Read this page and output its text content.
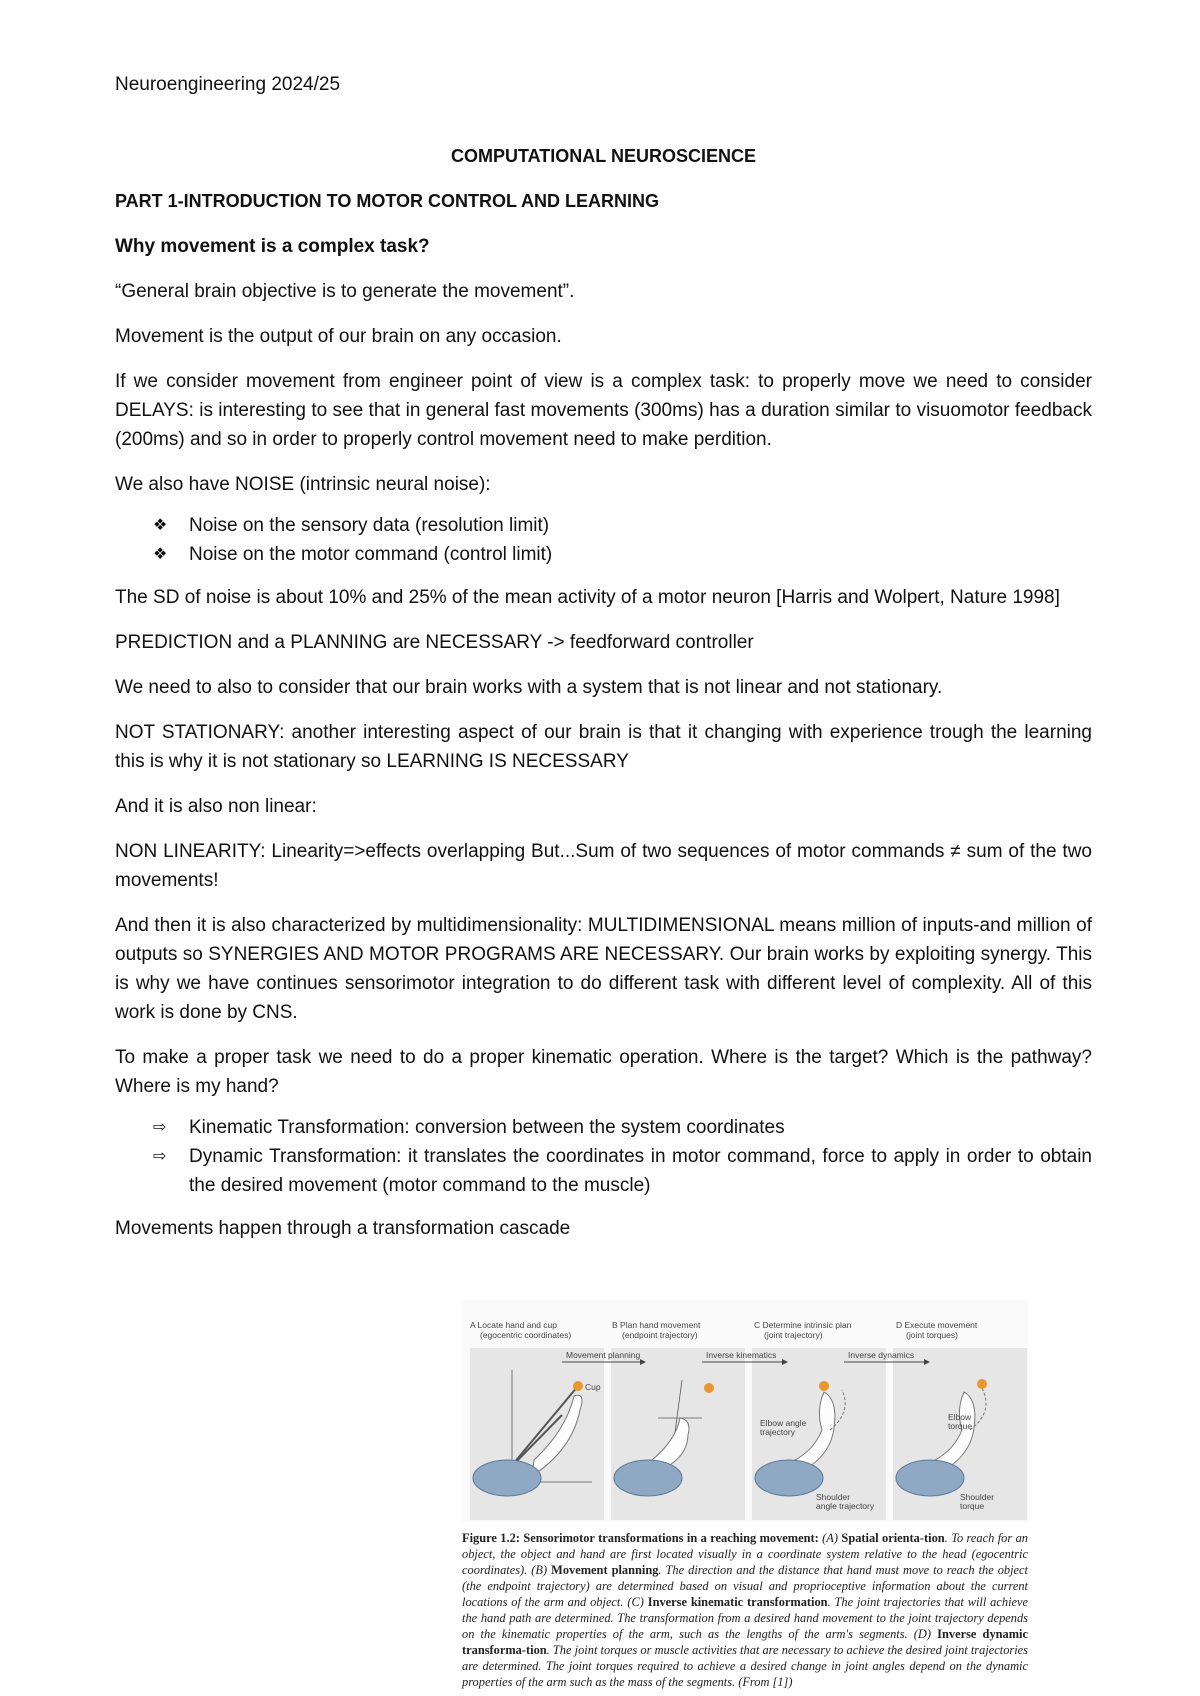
Neuroengineering 2024/25
COMPUTATIONAL NEUROSCIENCE
PART 1-INTRODUCTION TO MOTOR CONTROL AND LEARNING
Why movement is a complex task?

“General brain objective is to generate the movement”.

Movement is the output of our brain on any occasion.

If we consider movement from engineer point of view is a complex task: to properly move we need to consider DELAYS: is interesting to see that in general fast movements (300ms) has a duration similar to visuomotor feedback (200ms) and so in order to properly control movement need to make perdition.

We also have NOISE (intrinsic neural noise):

❖ Noise on the sensory data (resolution limit)
❖ Noise on the motor command (control limit)

The SD of noise is about 10% and 25% of the mean activity of a motor neuron [Harris and Wolpert, Nature 1998]

PREDICTION and a PLANNING are NECESSARY -> feedforward controller

We need to also to consider that our brain works with a system that is not linear and not stationary.

NOT STATIONARY: another interesting aspect of our brain is that it changing with experience trough the learning this is why it is not stationary so LEARNING IS NECESSARY

And it is also non linear:

NON LINEARITY: Linearity=>effects overlapping But...Sum of two sequences of motor commands ≠ sum of the two movements!

And then it is also characterized by multidimensionality: MULTIDIMENSIONAL means million of inputs-and million of outputs so SYNERGIES AND MOTOR PROGRAMS ARE NECESSARY. Our brain works by exploiting synergy. This is why we have continues sensorimotor integration to do different task with different level of complexity. All of this work is done by CNS.

To make a proper task we need to do a proper kinematic operation. Where is the target? Which is the pathway? Where is my hand?

⇨ Kinematic Transformation: conversion between the system coordinates
⇨ Dynamic Transformation: it translates the coordinates in motor command, force to apply in order to obtain the desired movement (motor command to the muscle)

Movements happen through a transformation cascade

A Locate hand and cup
(egocentric coordinates)
B Plan hand movement
(endpoint trajectory)
C Determine intrinsic plan
(joint trajectory)
D Execute movement
(joint torques)
Movement planning	Inverse kinematics	Inverse dynamics
Cup
Elbow angle
trajectory
Shoulder
angle trajectory
Elbow
torque
Shoulder
torque
Figure 1.2: Sensorimotor transformations in a reaching movement: (A) Spatial orienta-tion. To reach for an object, the object and hand are first located visually in a coordinate system relative to the head (egocentric coordinates). (B) Movement planning. The direction and the distance that hand must move to reach the object (the endpoint trajectory) are determined based on visual and proprioceptive information about the current locations of the arm and object. (C) Inverse kinematic transformation. The joint trajectories that will achieve the hand path are determined. The transformation from a desired hand movement to the joint trajectory depends on the kinematic properties of the arm, such as the lengths of the arm's segments. (D) Inverse dynamic transforma-tion. The joint torques or muscle activities that are necessary to achieve the desired joint trajectories are determined. The joint torques required to achieve a desired change in joint angles depend on the dynamic properties of the arm such as the mass of the segments. (From [1])
